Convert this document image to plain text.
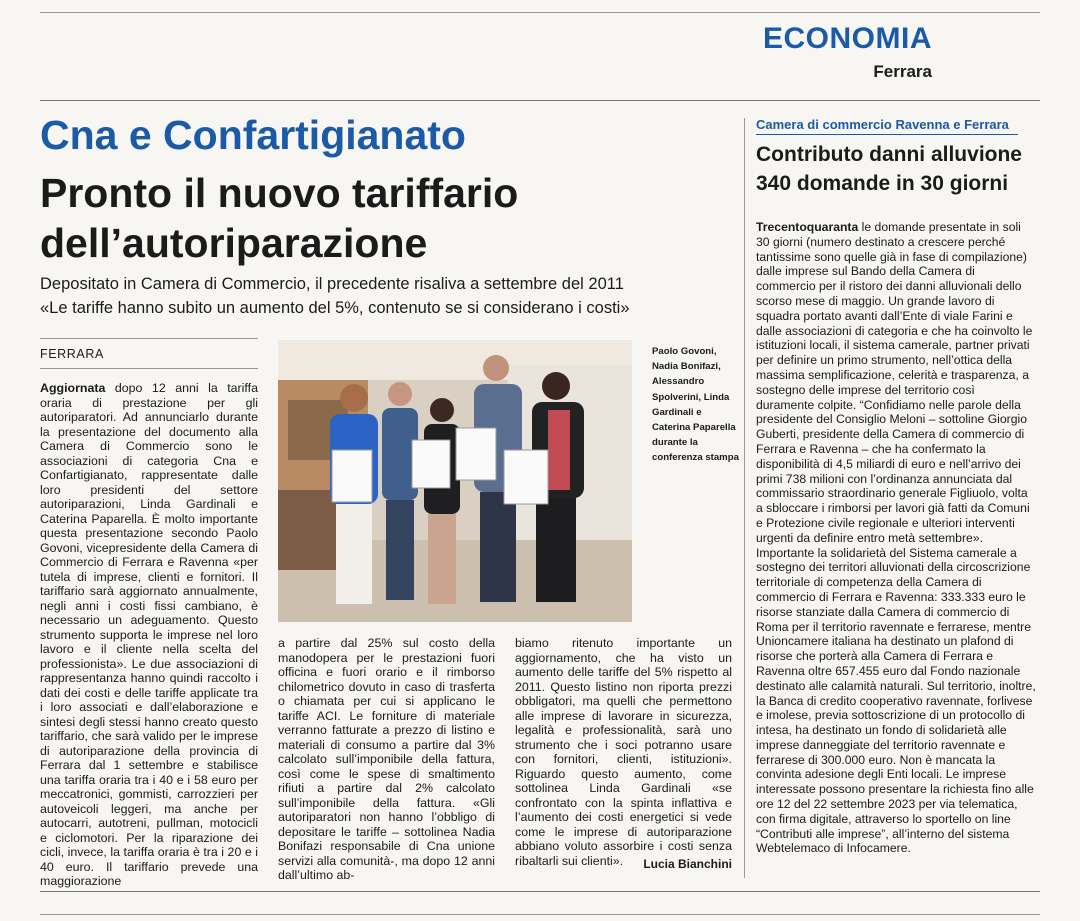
ECONOMIA
Ferrara
Cna e Confartigianato
Pronto il nuovo tariffario
dell’autoriparazione
Depositato in Camera di Commercio, il precedente risaliva a settembre del 2011
«Le tariffe hanno subito un aumento del 5%, contenuto se si considerano i costi»
FERRARA
Aggiornata dopo 12 anni la tariffa oraria di prestazione per gli autoriparatori. Ad annunciarlo durante la presentazione del documento alla Camera di Commercio sono le associazioni di categoria Cna e Confartigianato, rappresentate dalle loro presidenti del settore autoriparazioni, Linda Gardinali e Caterina Paparella. È molto importante questa presentazione secondo Paolo Govoni, vicepresidente della Camera di Commercio di Ferrara e Ravenna «per tutela di imprese, clienti e fornitori. Il tariffario sarà aggiornato annualmente, negli anni i costi fissi cambiano, è necessario un adeguamento. Questo strumento supporta le imprese nel loro lavoro e il cliente nella scelta del professionista». Le due associazioni di rappresentanza hanno quindi raccolto i dati dei costi e delle tariffe applicate tra i loro associati e dall’elaborazione e sintesi degli stessi hanno creato questo tariffario, che sarà valido per le imprese di autoriparazione della provincia di Ferrara dal 1 settembre e stabilisce una tariffa oraria tra i 40 e i 58 euro per meccatronici, gommisti, carrozzieri per autoveicoli leggeri, ma anche per autocarri, autotreni, pullman, motocicli e ciclomotori. Per la riparazione dei cicli, invece, la tariffa oraria è tra i 20 e i 40 euro. Il tariffario prevede una maggiorazione
Paolo Govoni, Nadia Bonifazi, Alessandro Spolverini, Linda Gardinali e Caterina Paparella durante la conferenza stampa
a partire dal 25% sul costo della manodopera per le prestazioni fuori officina e fuori orario e il rimborso chilometrico dovuto in caso di trasferta o chiamata per cui si applicano le tariffe ACI. Le forniture di materiale verranno fatturate a prezzo di listino e materiali di consumo a partire dal 3% calcolato sull’imponibile della fattura, così come le spese di smaltimento rifiuti a partire dal 2% calcolato sull’imponibile della fattura. «Gli autoriparatori non hanno l’obbligo di depositare le tariffe – sottolinea Nadia Bonifazi responsabile di Cna unione servizi alla comunità-, ma dopo 12 anni dall’ultimo ab-
biamo ritenuto importante un aggiornamento, che ha visto un aumento delle tariffe del 5% rispetto al 2011. Questo listino non riporta prezzi obbligatori, ma quelli che permettono alle imprese di lavorare in sicurezza, legalità e professionalità, sarà uno strumento che i soci potranno usare con fornitori, clienti, istituzioni». Riguardo questo aumento, come sottolinea Linda Gardinali «se confrontato con la spinta inflattiva e l’aumento dei costi energetici si vede come le imprese di autoriparazione abbiano voluto assorbire i costi senza ribaltarli sui clienti».	Lucia Bianchini
Camera di commercio Ravenna e Ferrara
Contributo danni alluvione
340 domande in 30 giorni
Trecentoquaranta le domande presentate in soli 30 giorni (numero destinato a crescere perché tantissime sono quelle già in fase di compilazione) dalle imprese sul Bando della Camera di commercio per il ristoro dei danni alluvionali dello scorso mese di maggio. Un grande lavoro di squadra portato avanti dall’Ente di viale Farini e dalle associazioni di categoria e che ha coinvolto le istituzioni locali, il sistema camerale, partner privati per definire un primo strumento, nell’ottica della massima semplificazione, celerità e trasparenza, a sostegno delle imprese del territorio così duramente colpite. “Confidiamo nelle parole della presidente del Consiglio Meloni – sottoline Giorgio Guberti, presidente della Camera di commercio di Ferrara e Ravenna – che ha confermato la disponibilità di 4,5 miliardi di euro e nell’arrivo dei primi 738 milioni con l’ordinanza annunciata dal commissario straordinario generale Figliuolo, volta a sbloccare i rimborsi per lavori già fatti da Comuni e Protezione civile regionale e ulteriori interventi urgenti da definire entro metà settembre». Importante la solidarietà del Sistema camerale a sostegno dei territori alluvionati della circoscrizione territoriale di competenza della Camera di commercio di Ferrara e Ravenna: 333.333 euro le risorse stanziate dalla Camera di commercio di Roma per il territorio ravennate e ferrarese, mentre Unioncamere italiana ha destinato un plafond di risorse che porterà alla Camera di Ferrara e Ravenna oltre 657.455 euro dal Fondo nazionale destinato alle calamità naturali. Sul territorio, inoltre, la Banca di credito cooperativo ravennate, forlivese e imolese, previa sottoscrizione di un protocollo di intesa, ha destinato un fondo di solidarietà alle imprese danneggiate del territorio ravennate e ferrarese di 300.000 euro. Non è mancata la convinta adesione degli Enti locali. Le imprese interessate possono presentare la richiesta fino alle ore 12 del 22 settembre 2023 per via telematica, con firma digitale, attraverso lo sportello on line “Contributi alle imprese”, all’interno del sistema Webtelemaco di Infocamere.
